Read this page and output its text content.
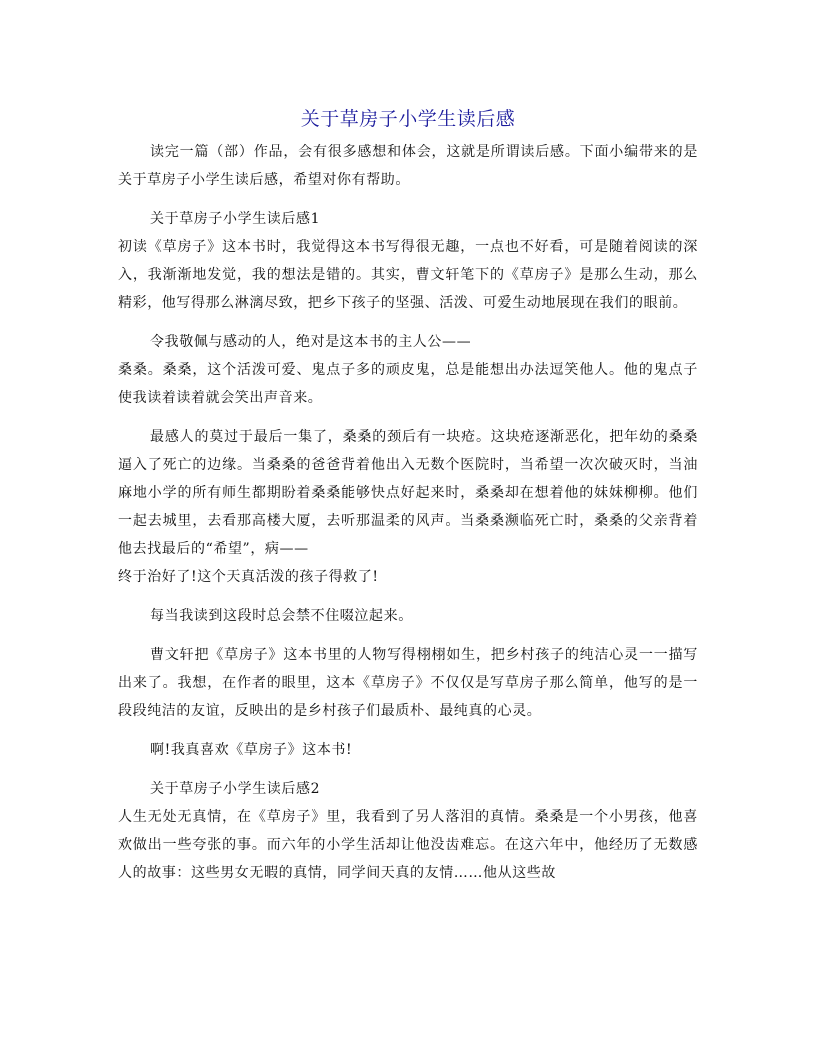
关于草房子小学生读后感

读完一篇（部）作品，会有很多感想和体会，这就是所谓读后感。下面小编带来的是关于草房子小学生读后感，希望对你有帮助。

关于草房子小学生读后感1

初读《草房子》这本书时，我觉得这本书写得很无趣，一点也不好看，可是随着阅读的深入，我渐渐地发觉，我的想法是错的。其实，曹文轩笔下的《草房子》是那么生动，那么精彩，他写得那么淋漓尽致，把乡下孩子的坚强、活泼、可爱生动地展现在我们的眼前。

令我敬佩与感动的人，绝对是这本书的主人公——

桑桑。桑桑，这个活泼可爱、鬼点子多的顽皮鬼，总是能想出办法逗笑他人。他的鬼点子使我读着读着就会笑出声音来。

最感人的莫过于最后一集了，桑桑的颈后有一块疮。这块疮逐渐恶化，把年幼的桑桑逼入了死亡的边缘。当桑桑的爸爸背着他出入无数个医院时，当希望一次次破灭时，当油麻地小学的所有师生都期盼着桑桑能够快点好起来时，桑桑却在想着他的妹妹柳柳。他们一起去城里，去看那高楼大厦，去听那温柔的风声。当桑桑濒临死亡时，桑桑的父亲背着他去找最后的“希望”，病——

终于治好了!这个天真活泼的孩子得救了!

每当我读到这段时总会禁不住啜泣起来。

曹文轩把《草房子》这本书里的人物写得栩栩如生，把乡村孩子的纯洁心灵一一描写出来了。我想，在作者的眼里，这本《草房子》不仅仅是写草房子那么简单，他写的是一段段纯洁的友谊，反映出的是乡村孩子们最质朴、最纯真的心灵。

啊!我真喜欢《草房子》这本书!

关于草房子小学生读后感2

人生无处无真情，在《草房子》里，我看到了另人落泪的真情。桑桑是一个小男孩，他喜欢做出一些夸张的事。而六年的小学生活却让他没齿难忘。在这六年中，他经历了无数感人的故事：这些男女无暇的真情，同学间天真的友情……他从这些故
